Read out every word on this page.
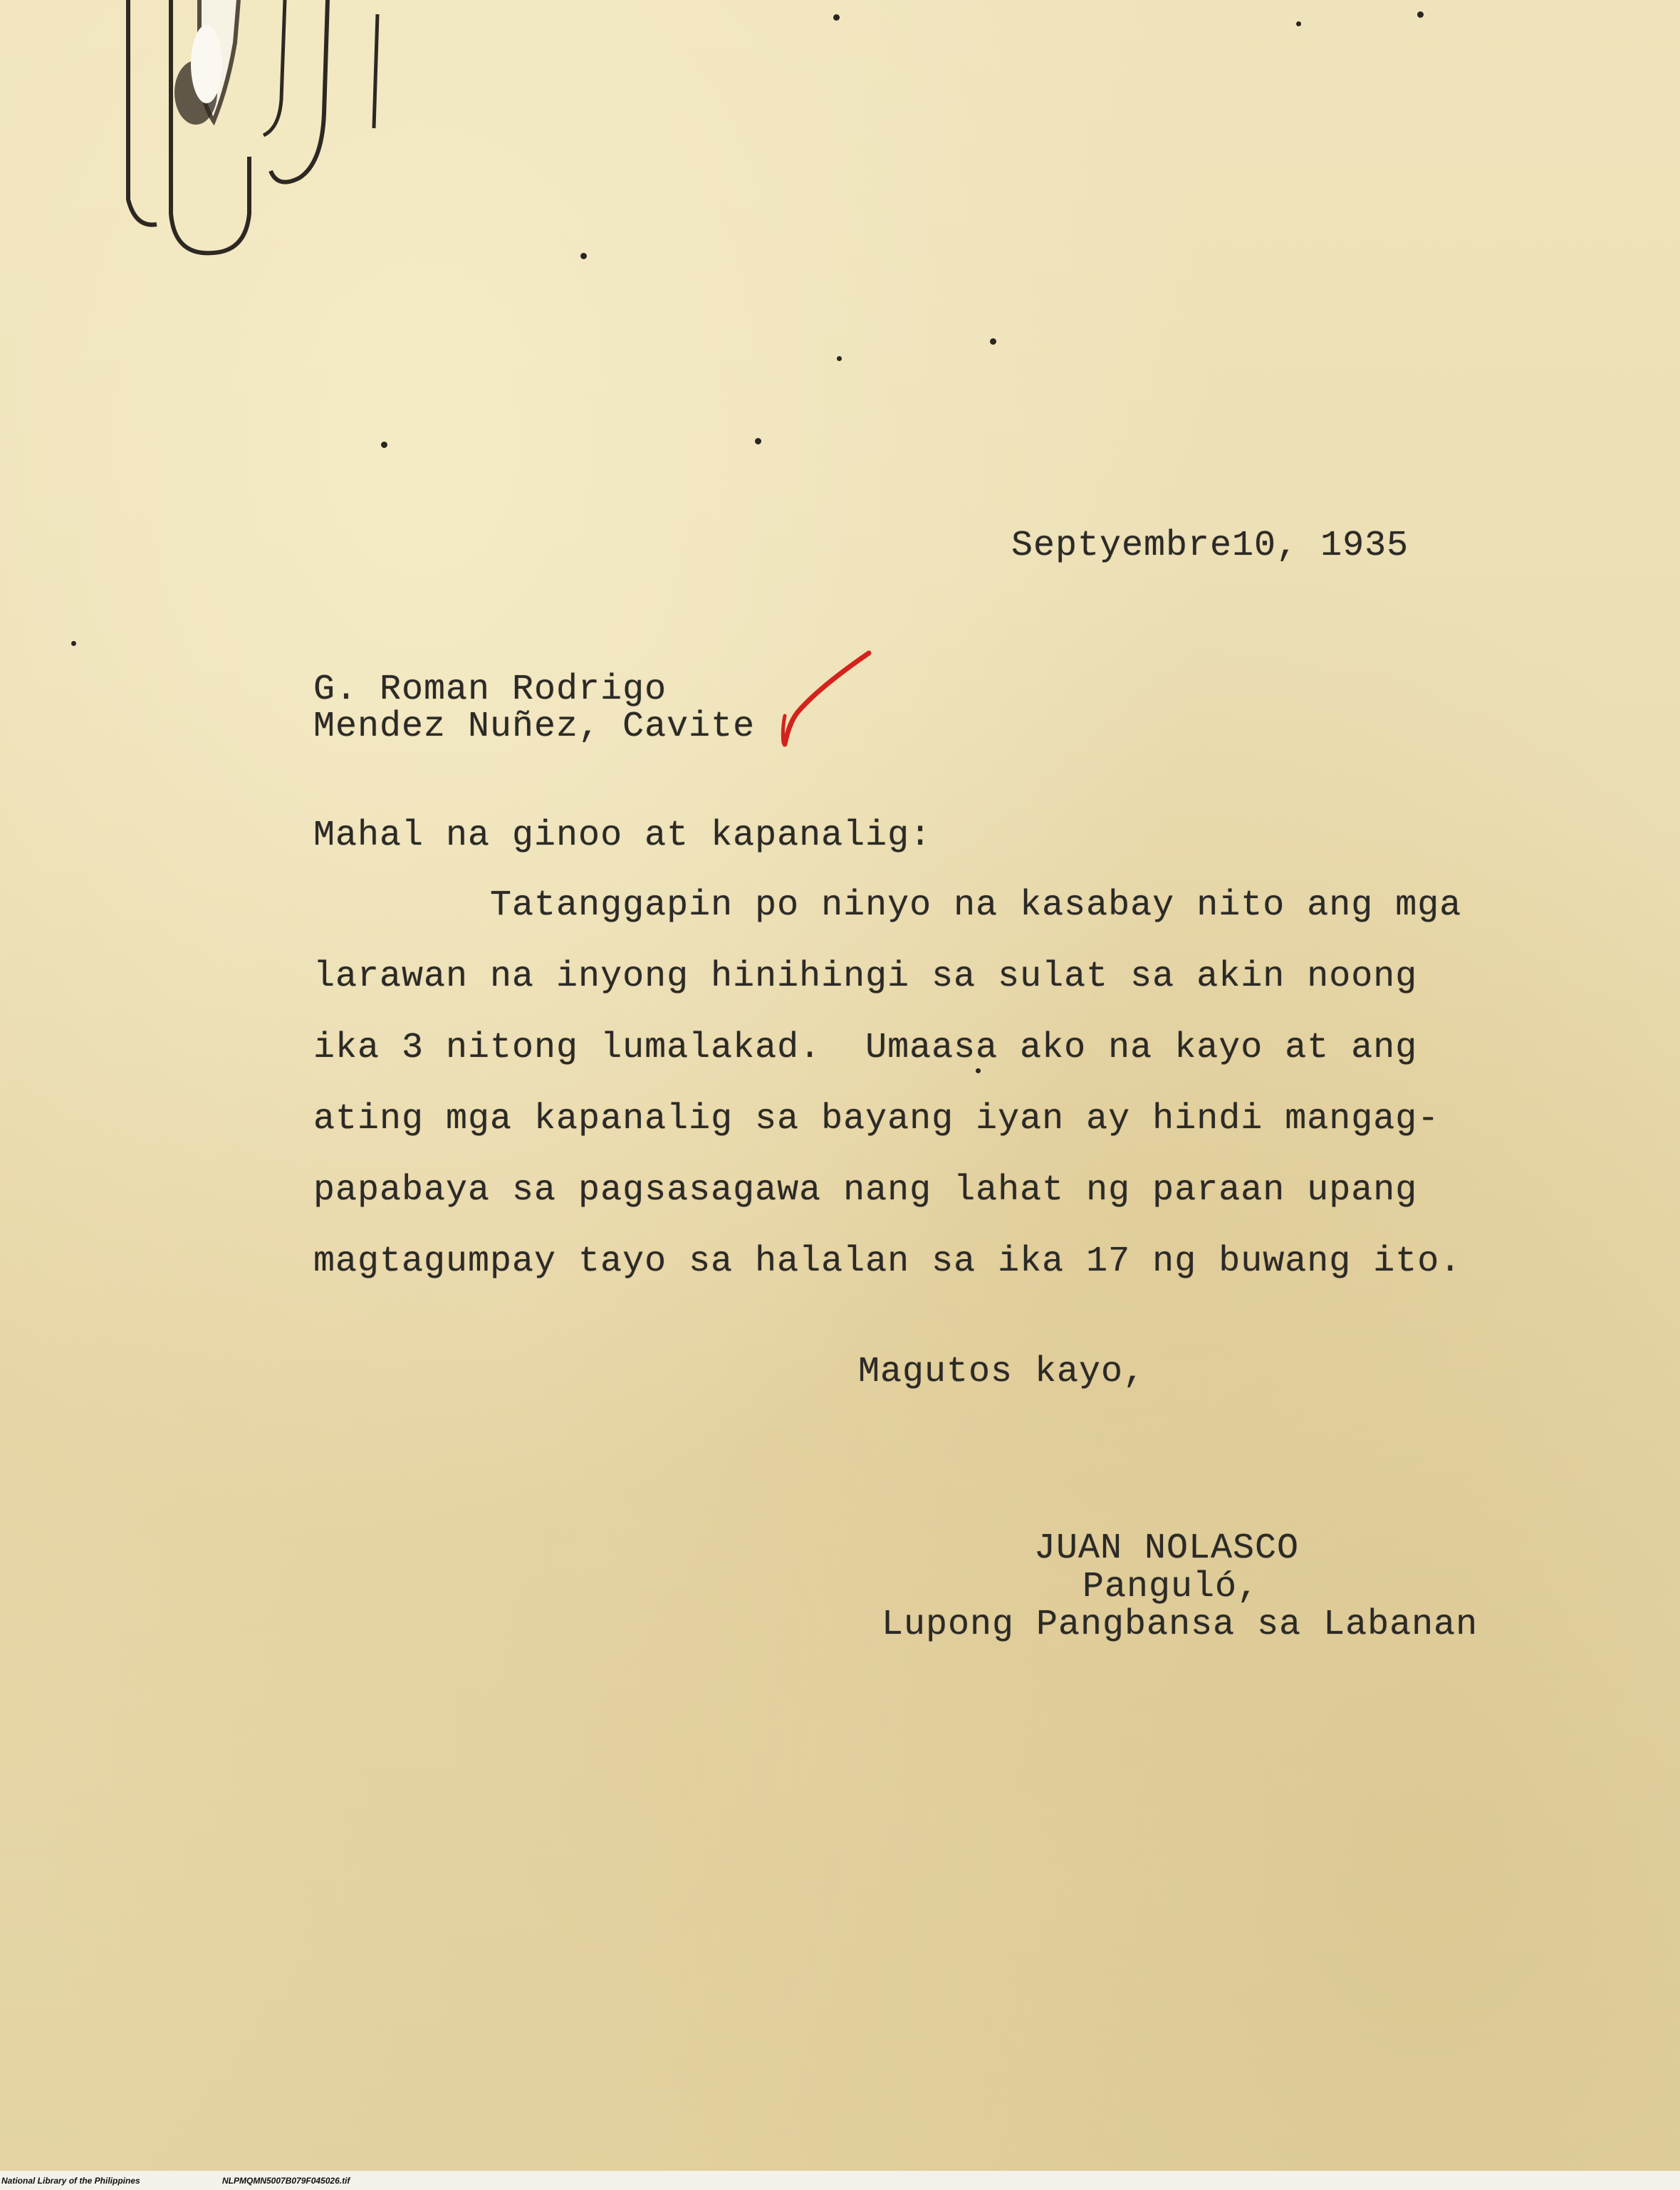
Septyembre10, 1935
G. Roman Rodrigo
Mendez Nuñez, Cavite
Mahal na ginoo at kapanalig:
Tatanggapin po ninyo na kasabay nito ang mga
larawan na inyong hinihingi sa sulat sa akin noong
ika 3 nitong lumalakad.  Umaasa ako na kayo at ang
ating mga kapanalig sa bayang iyan ay hindi mangag-
papabaya sa pagsasagawa nang lahat ng paraan upang
magtagumpay tayo sa halalan sa ika 17 ng buwang ito.
Magutos kayo,
JUAN NOLASCO
Panguló,
Lupong Pangbansa sa Labanan
National Library of the Philippines	NLPMQMN5007B079F045026.tif
